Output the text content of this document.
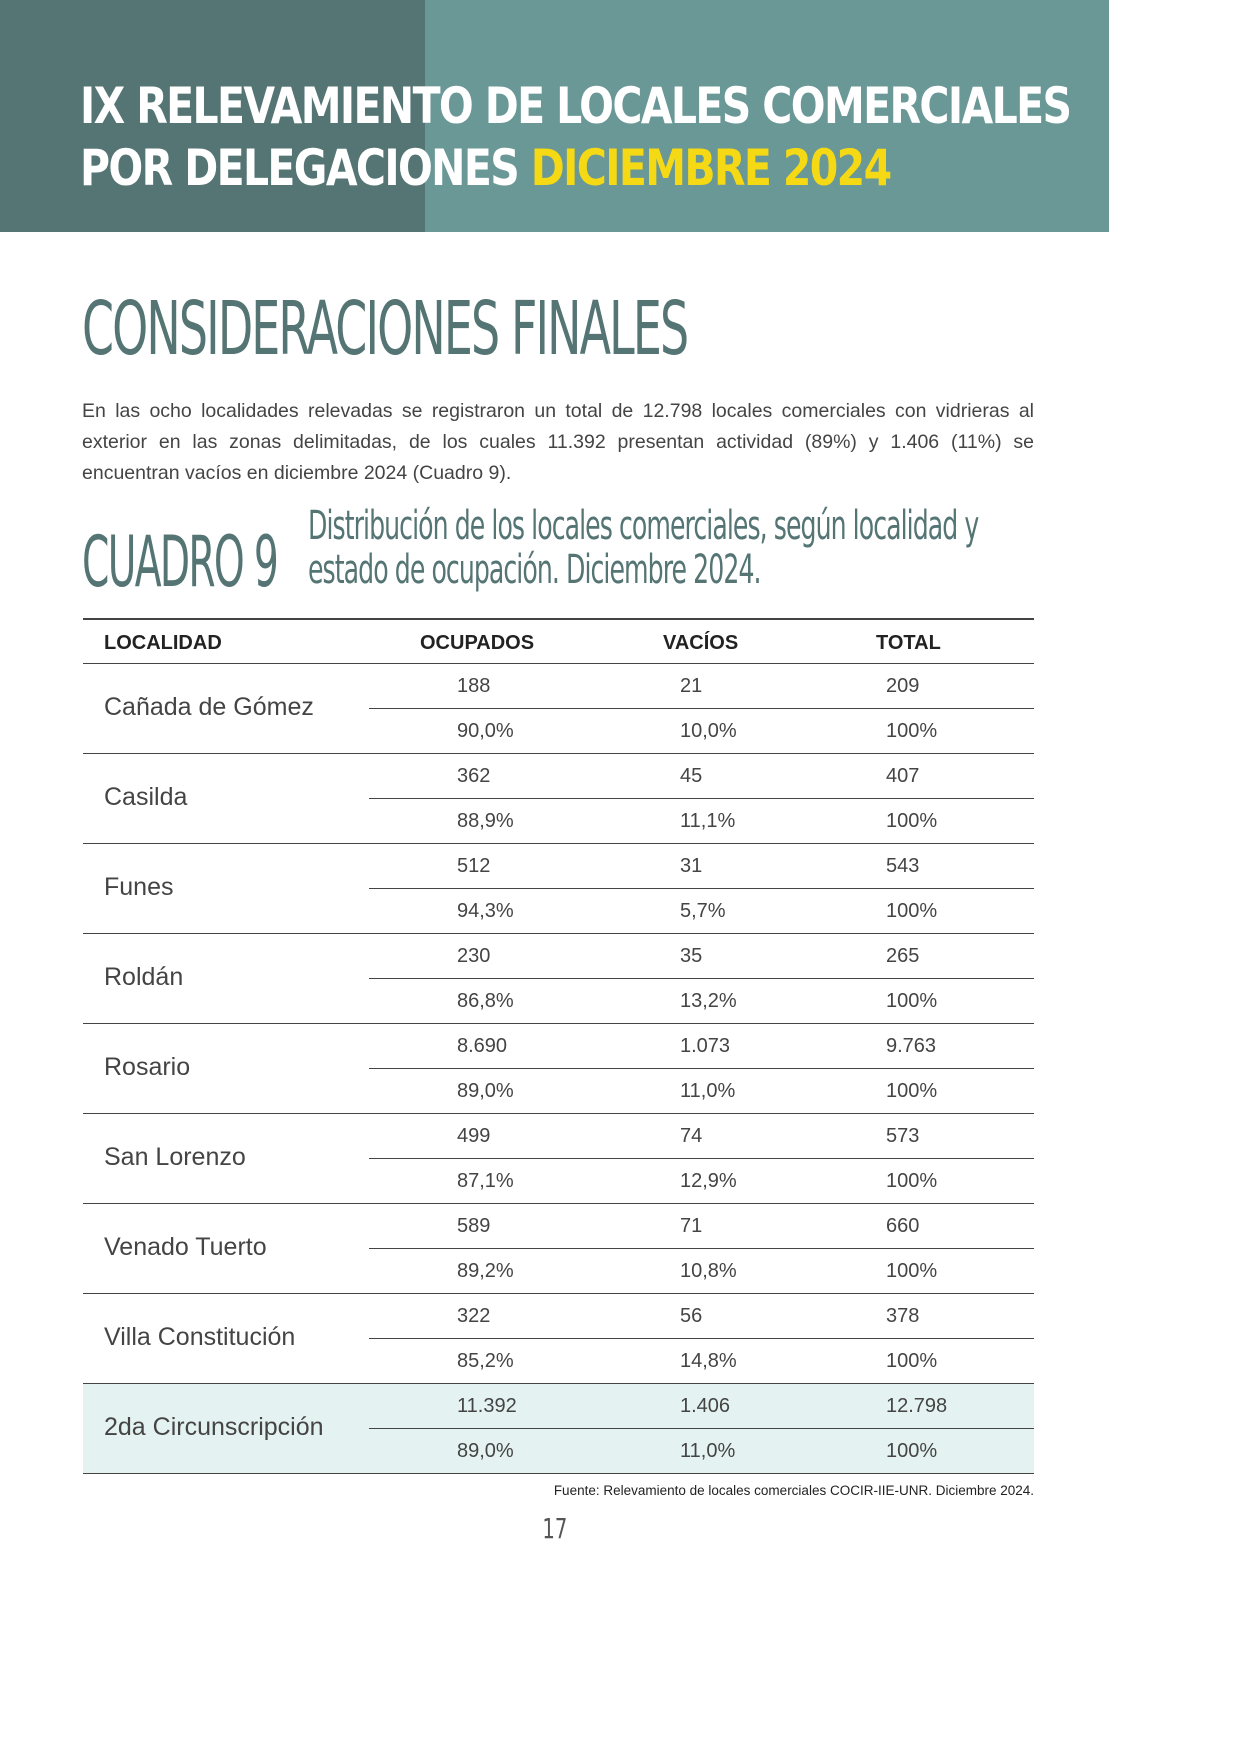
IX RELEVAMIENTO DE LOCALES COMERCIALES
POR DELEGACIONES DICIEMBRE 2024
CONSIDERACIONES FINALES

En las ocho localidades relevadas se registraron un total de 12.798 locales comerciales con vidrieras al exterior en las zonas delimitadas, de los cuales 11.392 presentan actividad (89%) y 1.406 (11%) se encuentran vacíos en diciembre 2024 (Cuadro 9).

CUADRO 9 Distribución de los locales comerciales, según localidad y
estado de ocupación. Diciembre 2024.
LOCALIDAD	OCUPADOS	VACÍOS	TOTAL
Cañada de Gómez
188	21	209
90,0%	10,0%	100%
Casilda
362	45	407
88,9%	11,1%	100%
Funes
512	31	543
94,3%	5,7%	100%
Roldán
230	35	265
86,8%	13,2%	100%
Rosario
8.690	1.073	9.763
89,0%	11,0%	100%
San Lorenzo
499	74	573
87,1%	12,9%	100%
Venado Tuerto
589	71	660
89,2%	10,8%	100%
Villa Constitución
322	56	378
85,2%	14,8%	100%
2da Circunscripción
11.392	1.406	12.798
89,0%	11,0%	100%

Fuente: Relevamiento de locales comerciales COCIR-IIE-UNR. Diciembre 2024.

17
